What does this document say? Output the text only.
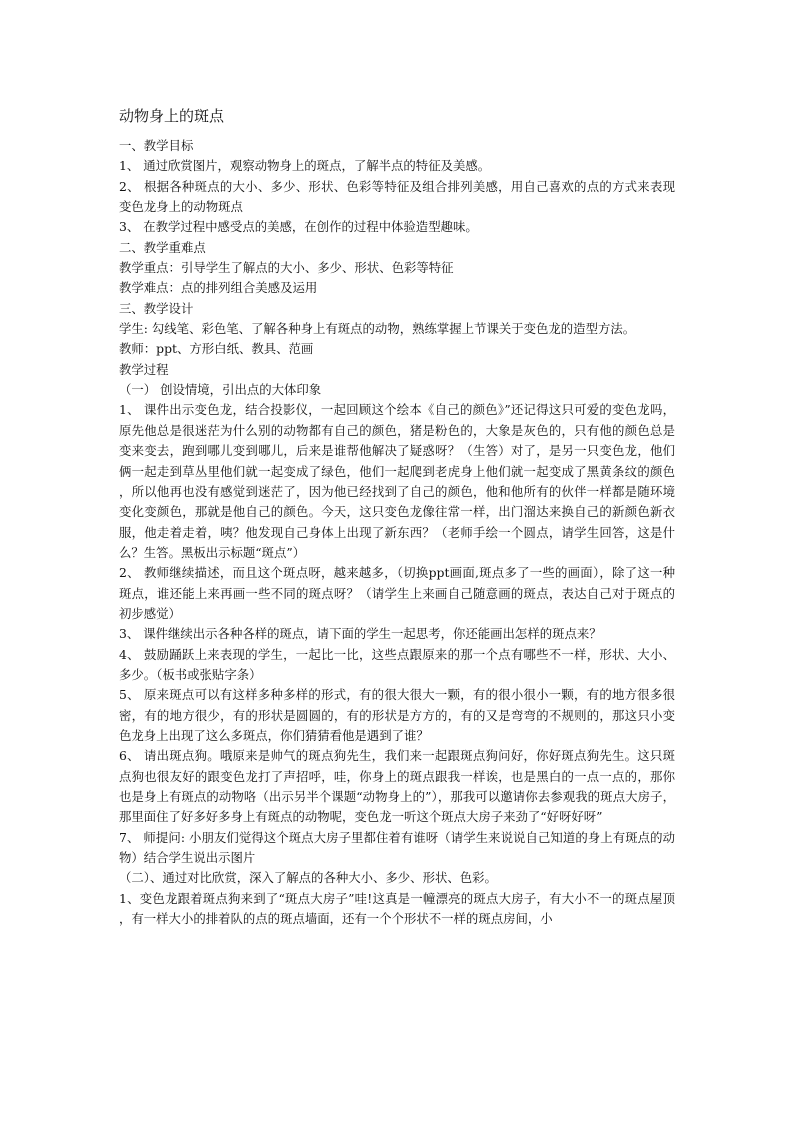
动物身上的斑点

一、教学目标

1、 通过欣赏图片，观察动物身上的斑点，了解半点的特征及美感。

2、 根据各种斑点的大小、多少、形状、色彩等特征及组合排列美感，用自己喜欢的点的方式来表现变色龙身上的动物斑点

3、 在教学过程中感受点的美感，在创作的过程中体验造型趣味。

二、教学重难点

教学重点：引导学生了解点的大小、多少、形状、色彩等特征

教学难点：点的排列组合美感及运用

三、教学设计

学生: 勾线笔、彩色笔、了解各种身上有斑点的动物，熟练掌握上节课关于变色龙的造型方法。

教师：ppt、方形白纸、教具、范画

教学过程

（一） 创设情境，引出点的大体印象

1、 课件出示变色龙，结合投影仪，一起回顾这个绘本《自己的颜色》”还记得这只可爱的变色龙吗，原先他总是很迷茫为什么别的动物都有自己的颜色，猪是粉色的，大象是灰色的，只有他的颜色总是变来变去，跑到哪儿变到哪儿，后来是谁帮他解决了疑惑呀？（生答）对了，是另一只变色龙，他们俩一起走到草丛里他们就一起变成了绿色，他们一起爬到老虎身上他们就一起变成了黑黄条纹的颜色，所以他再也没有感觉到迷茫了，因为他已经找到了自己的颜色，他和他所有的伙伴一样都是随环境变化变颜色，那就是他自己的颜色。今天，这只变色龙像往常一样，出门溜达来换自己的新颜色新衣服，他走着走着，咦？他发现自己身体上出现了新东西？（老师手绘一个圆点，请学生回答，这是什么？生答。黑板出示标题“斑点”）

2、 教师继续描述，而且这个斑点呀，越来越多，（切换ppt画面,斑点多了一些的画面），除了这一种斑点，谁还能上来再画一些不同的斑点呀？（请学生上来画自己随意画的斑点，表达自己对于斑点的初步感觉）

3、 课件继续出示各种各样的斑点，请下面的学生一起思考，你还能画出怎样的斑点来？

4、 鼓励踊跃上来表现的学生，一起比一比，这些点跟原来的那一个点有哪些不一样，形状、大小、多少。（板书或张贴字条）

5、 原来斑点可以有这样多种多样的形式，有的很大很大一颗，有的很小很小一颗，有的地方很多很密，有的地方很少，有的形状是圆圆的，有的形状是方方的，有的又是弯弯的不规则的，那这只小变色龙身上出现了这么多斑点，你们猜猜看他是遇到了谁？

6、 请出斑点狗。哦原来是帅气的斑点狗先生，我们来一起跟斑点狗问好，你好斑点狗先生。这只斑点狗也很友好的跟变色龙打了声招呼，哇，你身上的斑点跟我一样诶，也是黑白的一点一点的，那你也是身上有斑点的动物咯（出示另半个课题“动物身上的”），那我可以邀请你去参观我的斑点大房子，那里面住了好多好多身上有斑点的动物呢，变色龙一听这个斑点大房子来劲了“好呀好呀”

7、 师提问: 小朋友们觉得这个斑点大房子里都住着有谁呀（请学生来说说自己知道的身上有斑点的动物）结合学生说出示图片

（二）、通过对比欣赏，深入了解点的各种大小、多少、形状、色彩。

1、变色龙跟着斑点狗来到了“斑点大房子”哇!这真是一幢漂亮的斑点大房子，有大小不一的斑点屋顶，有一样大小的排着队的点的斑点墙面，还有一个个形状不一样的斑点房间，小
